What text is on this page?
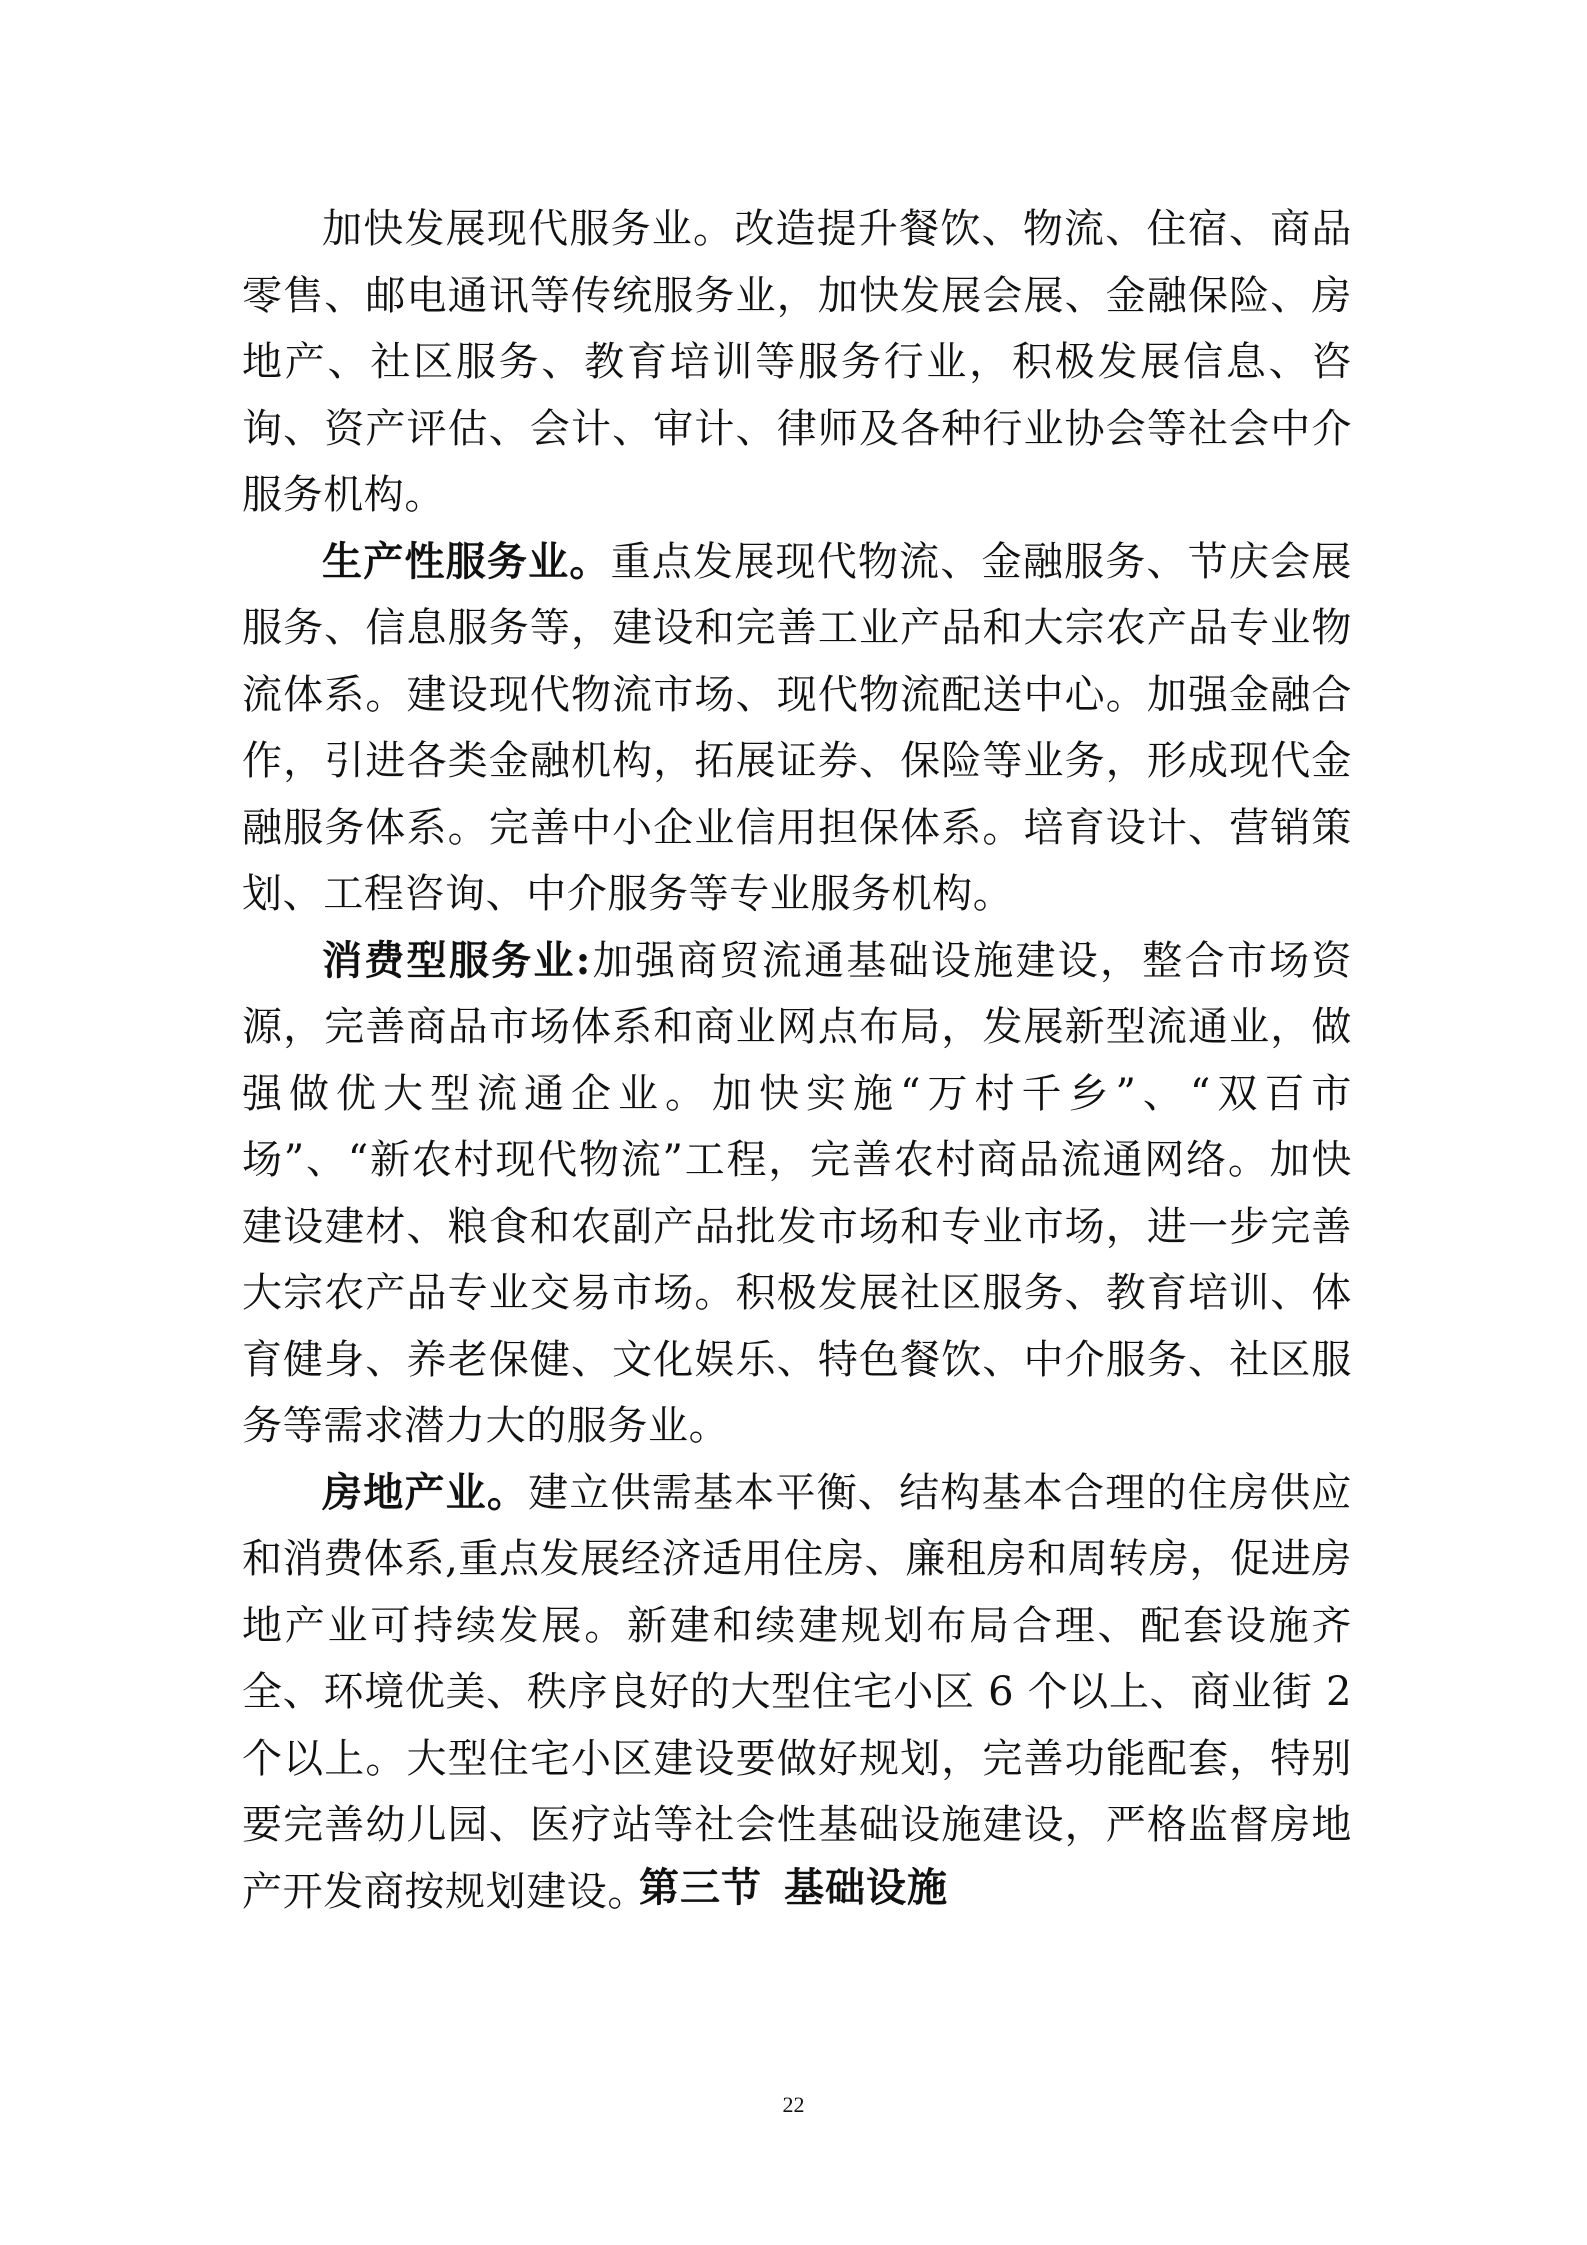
加快发展现代服务业。改造提升餐饮、物流、住宿、商品零售、邮电通讯等传统服务业，加快发展会展、金融保险、房地产、社区服务、教育培训等服务行业，积极发展信息、咨询、资产评估、会计、审计、律师及各种行业协会等社会中介服务机构。

生产性服务业。重点发展现代物流、金融服务、节庆会展服务、信息服务等，建设和完善工业产品和大宗农产品专业物流体系。建设现代物流市场、现代物流配送中心。加强金融合作，引进各类金融机构，拓展证券、保险等业务，形成现代金融服务体系。完善中小企业信用担保体系。培育设计、营销策划、工程咨询、中介服务等专业服务机构。

消费型服务业:加强商贸流通基础设施建设，整合市场资源，完善商品市场体系和商业网点布局，发展新型流通业，做强做优大型流通企业。加快实施“万村千乡”、“双百市场”、“新农村现代物流”工程，完善农村商品流通网络。加快建设建材、粮食和农副产品批发市场和专业市场，进一步完善大宗农产品专业交易市场。积极发展社区服务、教育培训、体育健身、养老保健、文化娱乐、特色餐饮、中介服务、社区服务等需求潜力大的服务业。

房地产业。建立供需基本平衡、结构基本合理的住房供应和消费体系,重点发展经济适用住房、廉租房和周转房，促进房地产业可持续发展。新建和续建规划布局合理、配套设施齐全、环境优美、秩序良好的大型住宅小区 6 个以上、商业街 2 个以上。大型住宅小区建设要做好规划，完善功能配套，特别要完善幼儿园、医疗站等社会性基础设施建设，严格监督房地产开发商按规划建设。

第三节 基础设施
22
